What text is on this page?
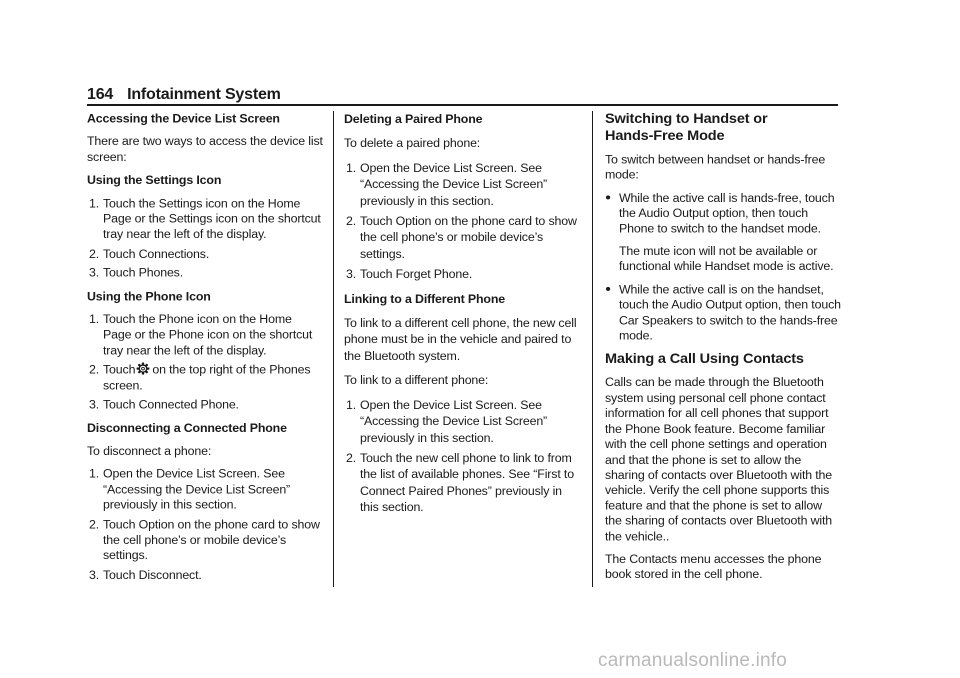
164 Infotainment System
Accessing the Device List Screen
There are two ways to access the device list screen:
Using the Settings Icon
1. Touch the Settings icon on the Home Page or the Settings icon on the shortcut tray near the left of the display.
2. Touch Connections.
3. Touch Phones.
Using the Phone Icon
1. Touch the Phone icon on the Home Page or the Phone icon on the shortcut tray near the left of the display.
2. Touch on the top right of the Phones screen.
3. Touch Connected Phone.
Disconnecting a Connected Phone
To disconnect a phone:
1. Open the Device List Screen. See “Accessing the Device List Screen” previously in this section.
2. Touch Option on the phone card to show the cell phone’s or mobile device’s settings.
3. Touch Disconnect.
Deleting a Paired Phone
To delete a paired phone:
1. Open the Device List Screen. See “Accessing the Device List Screen” previously in this section.
2. Touch Option on the phone card to show the cell phone’s or mobile device’s settings.
3. Touch Forget Phone.
Linking to a Different Phone
To link to a different cell phone, the new cell phone must be in the vehicle and paired to the Bluetooth system.
To link to a different phone:
1. Open the Device List Screen. See “Accessing the Device List Screen” previously in this section.
2. Touch the new cell phone to link to from the list of available phones. See “First to Connect Paired Phones” previously in this section.
Switching to Handset or
Hands-Free Mode
To switch between handset or hands-free mode:
● While the active call is hands-free, touch the Audio Output option, then touch Phone to switch to the handset mode.
The mute icon will not be available or functional while Handset mode is active.
● While the active call is on the handset, touch the Audio Output option, then touch Car Speakers to switch to the hands-free mode.
Making a Call Using Contacts
Calls can be made through the Bluetooth system using personal cell phone contact information for all cell phones that support the Phone Book feature. Become familiar with the cell phone settings and operation and that the phone is set to allow the sharing of contacts over Bluetooth with the vehicle. Verify the cell phone supports this feature and that the phone is set to allow the sharing of contacts over Bluetooth with the vehicle..
The Contacts menu accesses the phone book stored in the cell phone.
carmanualsonline.info
